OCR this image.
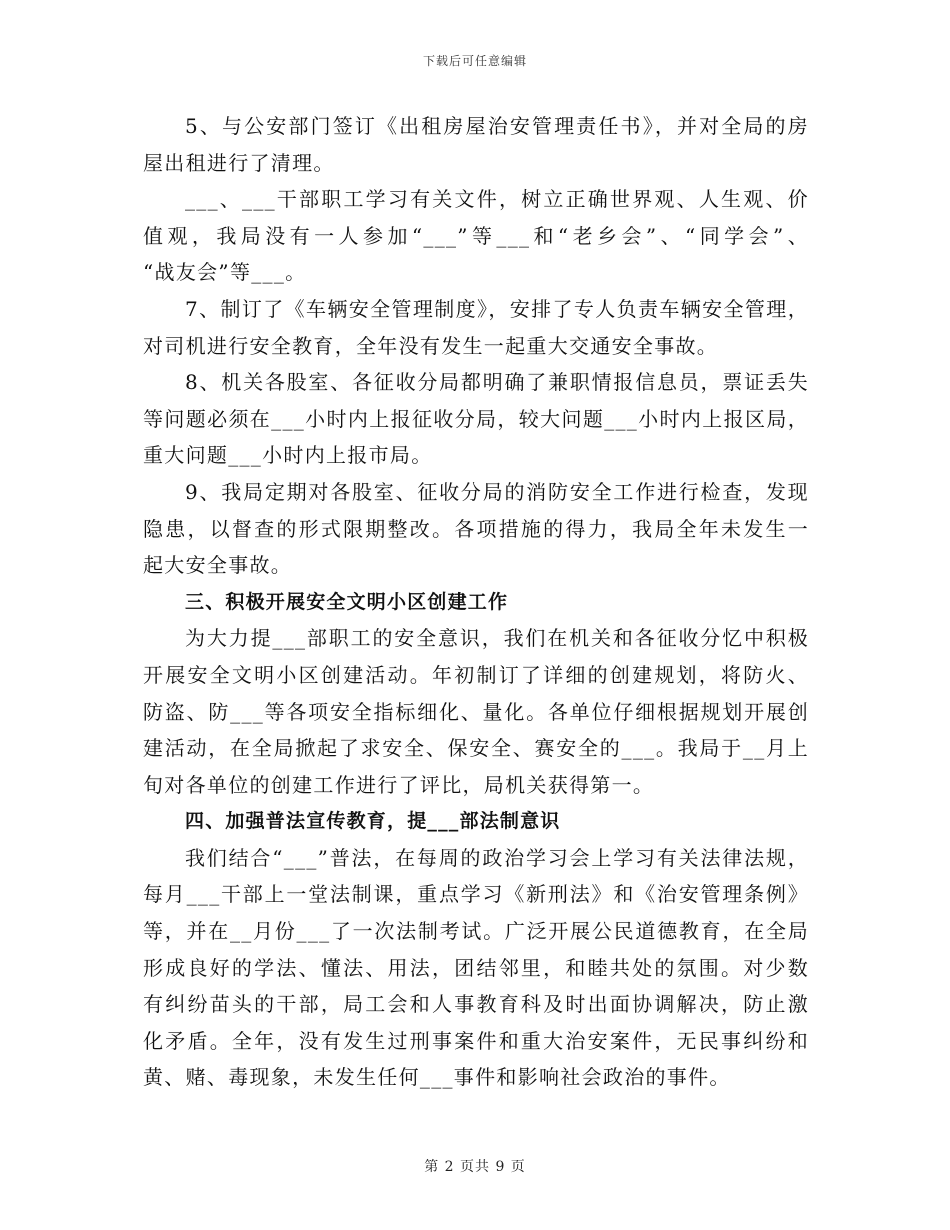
下载后可任意编辑
5、与公安部门签订《出租房屋治安管理责任书》，并对全局的房
屋出租进行了清理。
___、___干部职工学习有关文件，树立正确世界观、人生观、价
值观，我局没有一人参加“___”等___和“老乡会”、“同学会”、
“战友会”等___。
7、制订了《车辆安全管理制度》，安排了专人负责车辆安全管理，
对司机进行安全教育，全年没有发生一起重大交通安全事故。
8、机关各股室、各征收分局都明确了兼职情报信息员，票证丢失
等问题必须在___小时内上报征收分局，较大问题___小时内上报区局，
重大问题___小时内上报市局。
9、我局定期对各股室、征收分局的消防安全工作进行检查，发现
隐患，以督查的形式限期整改。各项措施的得力，我局全年未发生一
起大安全事故。
三、积极开展安全文明小区创建工作
为大力提___部职工的安全意识，我们在机关和各征收分忆中积极
开展安全文明小区创建活动。年初制订了详细的创建规划，将防火、
防盗、防___等各项安全指标细化、量化。各单位仔细根据规划开展创
建活动，在全局掀起了求安全、保安全、赛安全的___。我局于__月上
旬对各单位的创建工作进行了评比，局机关获得第一。
四、加强普法宣传教育，提___部法制意识
我们结合“___”普法，在每周的政治学习会上学习有关法律法规，
每月___干部上一堂法制课，重点学习《新刑法》和《治安管理条例》
等，并在__月份___了一次法制考试。广泛开展公民道德教育，在全局
形成良好的学法、懂法、用法，团结邻里，和睦共处的氛围。对少数
有纠纷苗头的干部，局工会和人事教育科及时出面协调解决，防止激
化矛盾。全年，没有发生过刑事案件和重大治安案件，无民事纠纷和
黄、赌、毒现象，未发生任何___事件和影响社会政治的事件。
第 2 页共 9 页
